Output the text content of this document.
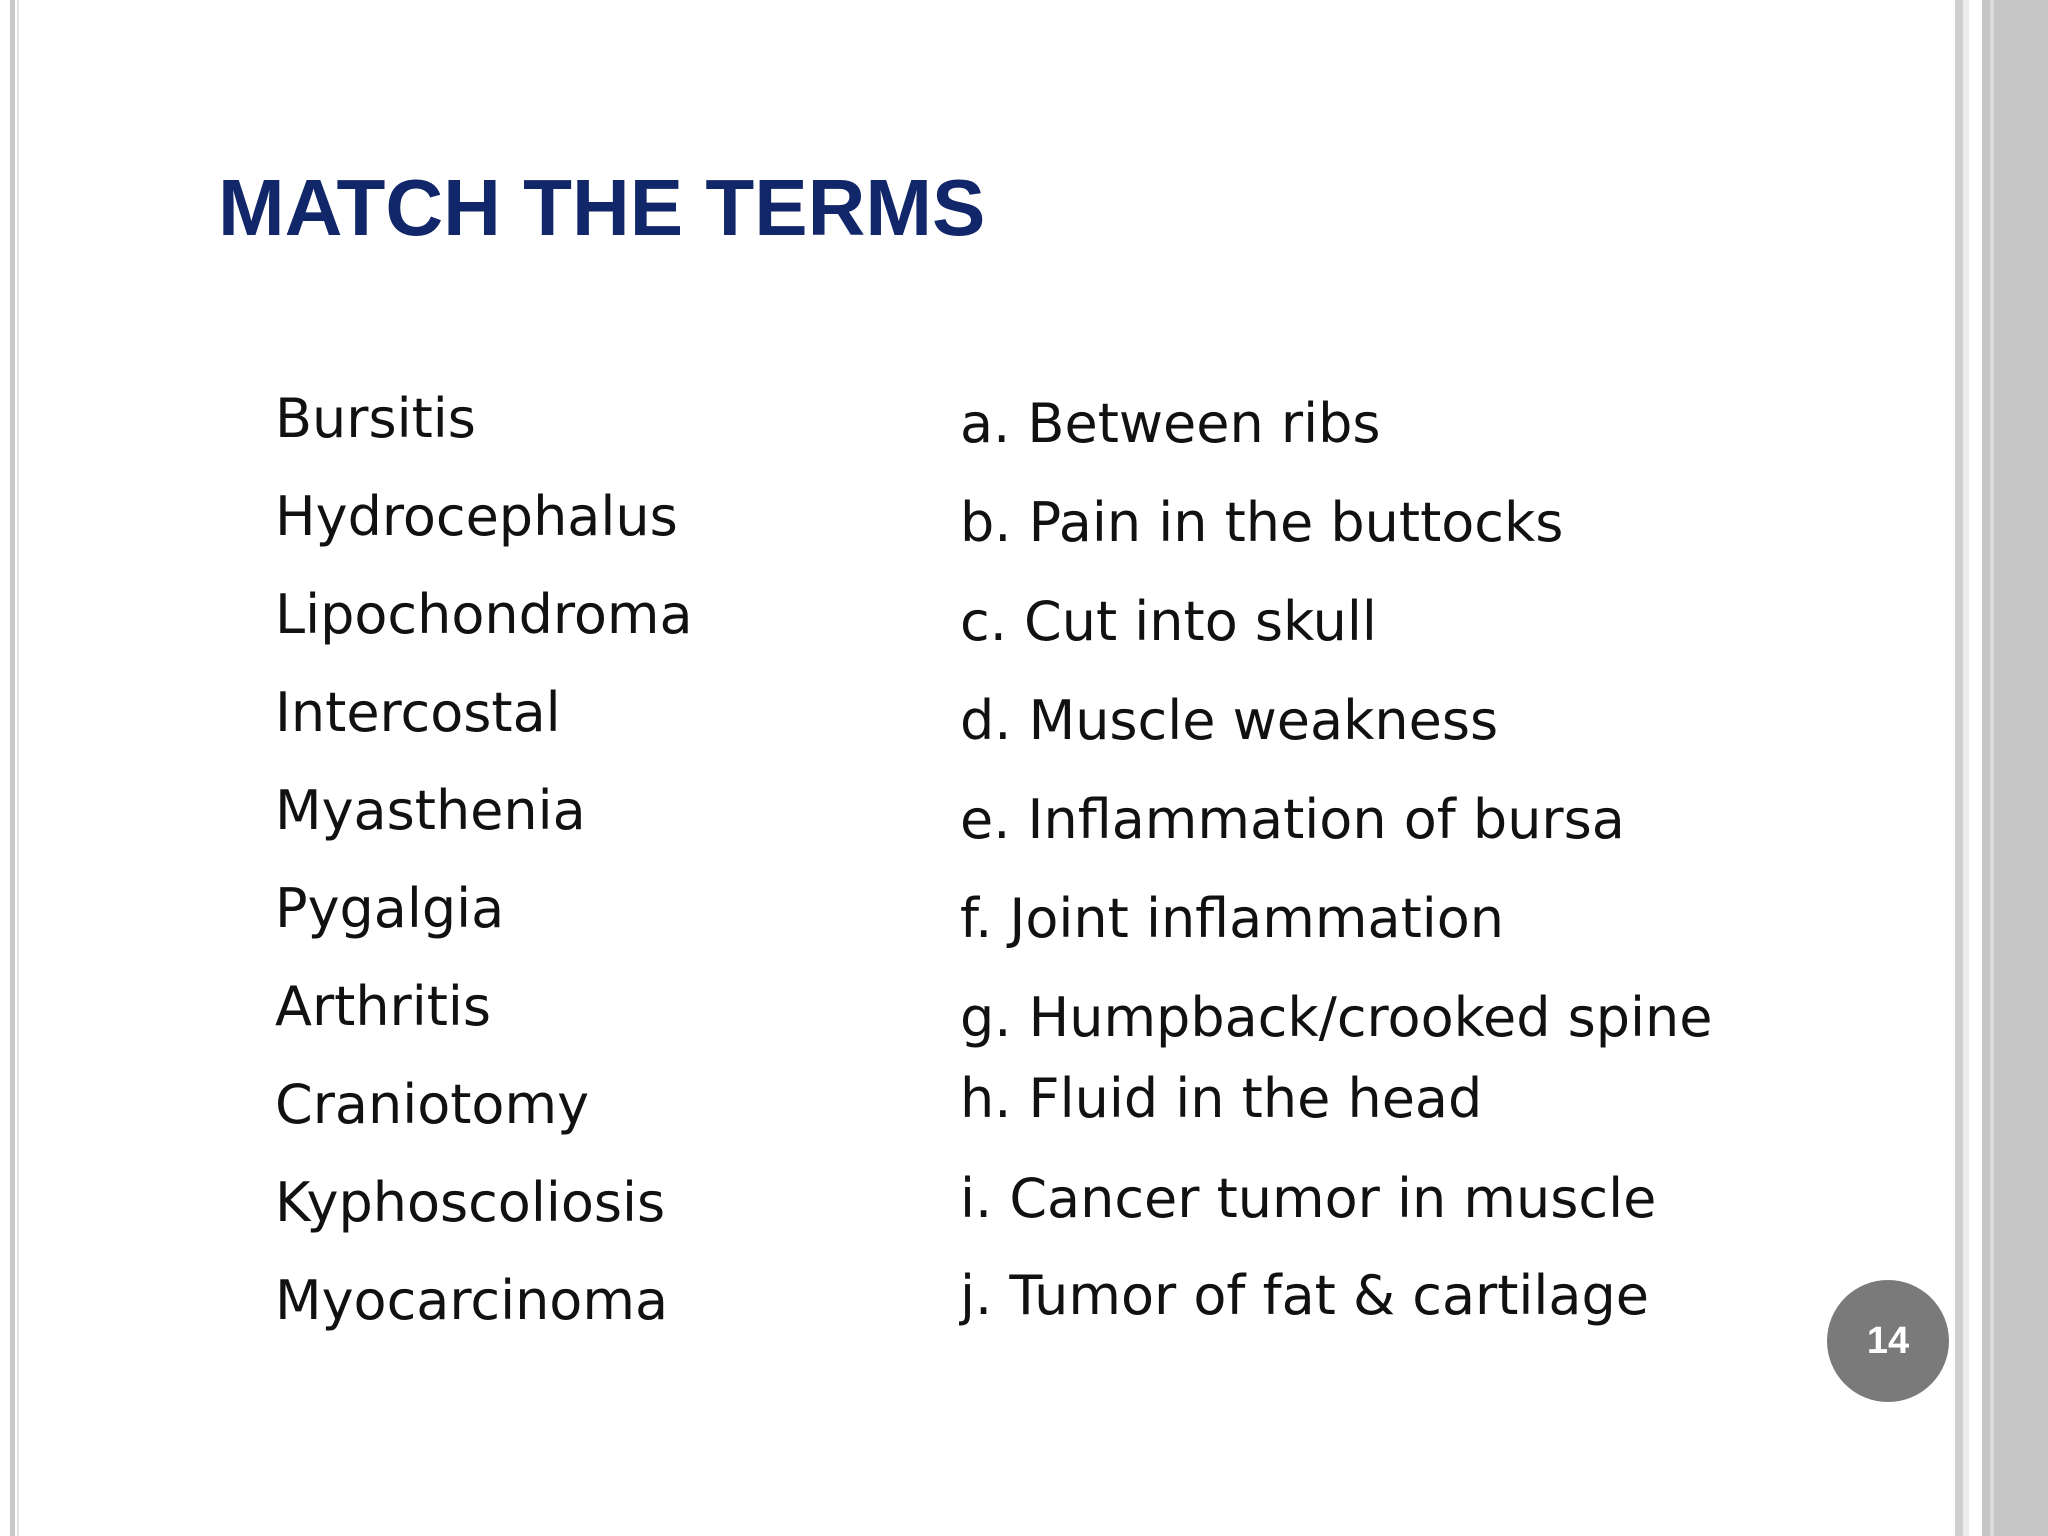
MATCH THE TERMS
Bursitis
Hydrocephalus
Lipochondroma
Intercostal
Myasthenia
Pygalgia
Arthritis
Craniotomy
Kyphoscoliosis
Myocarcinoma
a. Between ribs
b. Pain in the buttocks
c. Cut into skull
d. Muscle weakness
e. Inflammation of bursa
f. Joint inflammation
g. Humpback/crooked spine
h. Fluid in the head
i. Cancer tumor in muscle
j. Tumor of fat & cartilage
14
